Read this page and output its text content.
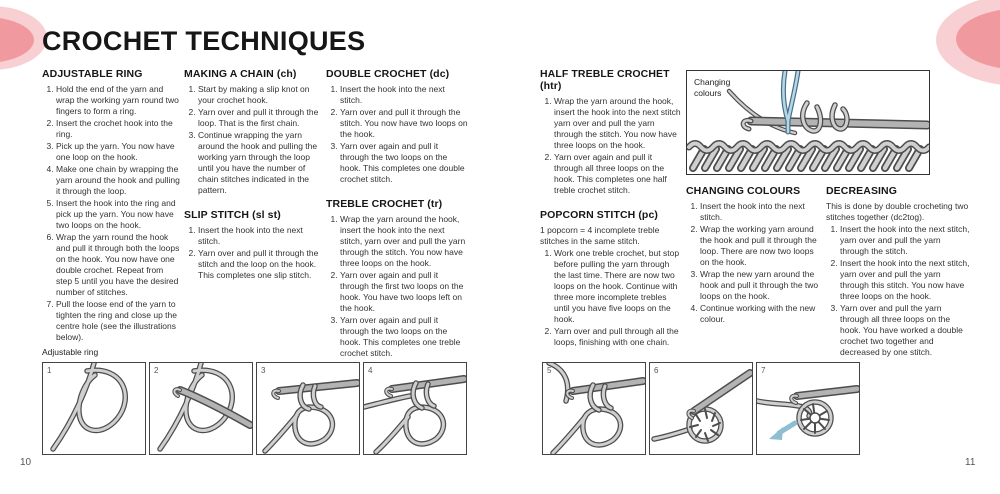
CROCHET TECHNIQUES
ADJUSTABLE RING
1. Hold the end of the yarn and wrap the working yarn round two fingers to form a ring.
2. Insert the crochet hook into the ring.
3. Pick up the yarn. You now have one loop on the hook.
4. Make one chain by wrapping the yarn around the hook and pulling it through the loop.
5. Insert the hook into the ring and pick up the yarn. You now have two loops on the hook.
6. Wrap the yarn round the hook and pull it through both the loops on the hook. You now have one double crochet. Repeat from step 5 until you have the desired number of stitches.
7. Pull the loose end of the yarn to tighten the ring and close up the centre hole (see the illustrations below).
MAKING A CHAIN (ch)
1. Start by making a slip knot on your crochet hook.
2. Yarn over and pull it through the loop. That is the first chain.
3. Continue wrapping the yarn around the hook and pulling the working yarn through the loop until you have the number of chain stitches indicated in the pattern.
SLIP STITCH (sl st)
1. Insert the hook into the next stitch.
2. Yarn over and pull it through the stitch and the loop on the hook. This completes one slip stitch.
DOUBLE CROCHET (dc)
1. Insert the hook into the next stitch.
2. Yarn over and pull it through the stitch. You now have two loops on the hook.
3. Yarn over again and pull it through the two loops on the hook. This completes one double crochet stitch.
TREBLE CROCHET (tr)
1. Wrap the yarn around the hook, insert the hook into the next stitch, yarn over and pull the yarn through the stitch. You now have three loops on the hook.
2. Yarn over again and pull it through the first two loops on the hook. You have two loops left on the hook.
3. Yarn over again and pull it through the two loops on the hook. This completes one treble crochet stitch.
HALF TREBLE CROCHET (htr)
1. Wrap the yarn around the hook, insert the hook into the next stitch yarn over and pull the yarn through the stitch. You now have three loops on the hook.
2. Yarn over again and pull it through all three loops on the hook. This completes one half treble crochet stitch.
POPCORN STITCH (pc)

1 popcorn = 4 incomplete treble stitches in the same stitch.

1. Work one treble crochet, but stop before pulling the yarn through the last time. There are now two loops on the hook. Continue with three more incomplete trebles until you have five loops on the hook.
2. Yarn over and pull through all the loops, finishing with one chain.
CHANGING COLOURS
1. Insert the hook into the next stitch.
2. Wrap the working yarn around the hook and pull it through the loop. There are now two loops on the hook.
3. Wrap the new yarn around the hook and pull it through the two loops on the hook.
4. Continue working with the new colour.
DECREASING

This is done by double crocheting two stitches together (dc2tog).

1. Insert the hook into the next stitch, yarn over and pull the yarn through the stitch.
2. Insert the hook into the next stitch, yarn over and pull the yarn through this stitch. You now have three loops on the hook.
3. Yarn over and pull the yarn through all three loops on the hook. You have worked a double crochet two together and decreased by one stitch.
Changing colours
Adjustable ring
1	2	3	4	5	6	7
10	11
